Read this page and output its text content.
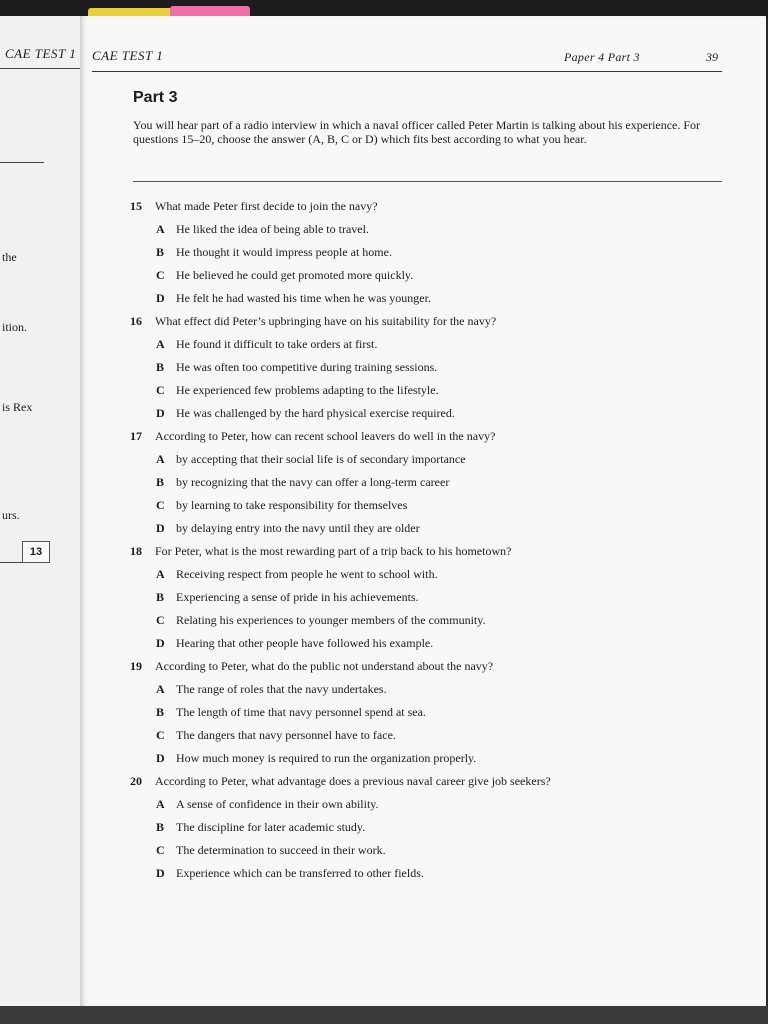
CAE TEST 1
the
ition.
is Rex
urs.
13
CAE TEST 1	Paper 4 Part 3	39
Part 3
You will hear part of a radio interview in which a naval officer called Peter Martin is talking about his experience. For questions 15–20, choose the answer (A, B, C or D) which fits best according to what you hear.
15 What made Peter first decide to join the navy?
A He liked the idea of being able to travel.
B He thought it would impress people at home.
C He believed he could get promoted more quickly.
D He felt he had wasted his time when he was younger.
16 What effect did Peter’s upbringing have on his suitability for the navy?
A He found it difficult to take orders at first.
B He was often too competitive during training sessions.
C He experienced few problems adapting to the lifestyle.
D He was challenged by the hard physical exercise required.
17 According to Peter, how can recent school leavers do well in the navy?
A by accepting that their social life is of secondary importance
B by recognizing that the navy can offer a long-term career
C by learning to take responsibility for themselves
D by delaying entry into the navy until they are older
18 For Peter, what is the most rewarding part of a trip back to his hometown?
A Receiving respect from people he went to school with.
B Experiencing a sense of pride in his achievements.
C Relating his experiences to younger members of the community.
D Hearing that other people have followed his example.
19 According to Peter, what do the public not understand about the navy?
A The range of roles that the navy undertakes.
B The length of time that navy personnel spend at sea.
C The dangers that navy personnel have to face.
D How much money is required to run the organization properly.
20 According to Peter, what advantage does a previous naval career give job seekers?
A A sense of confidence in their own ability.
B The discipline for later academic study.
C The determination to succeed in their work.
D Experience which can be transferred to other fields.
